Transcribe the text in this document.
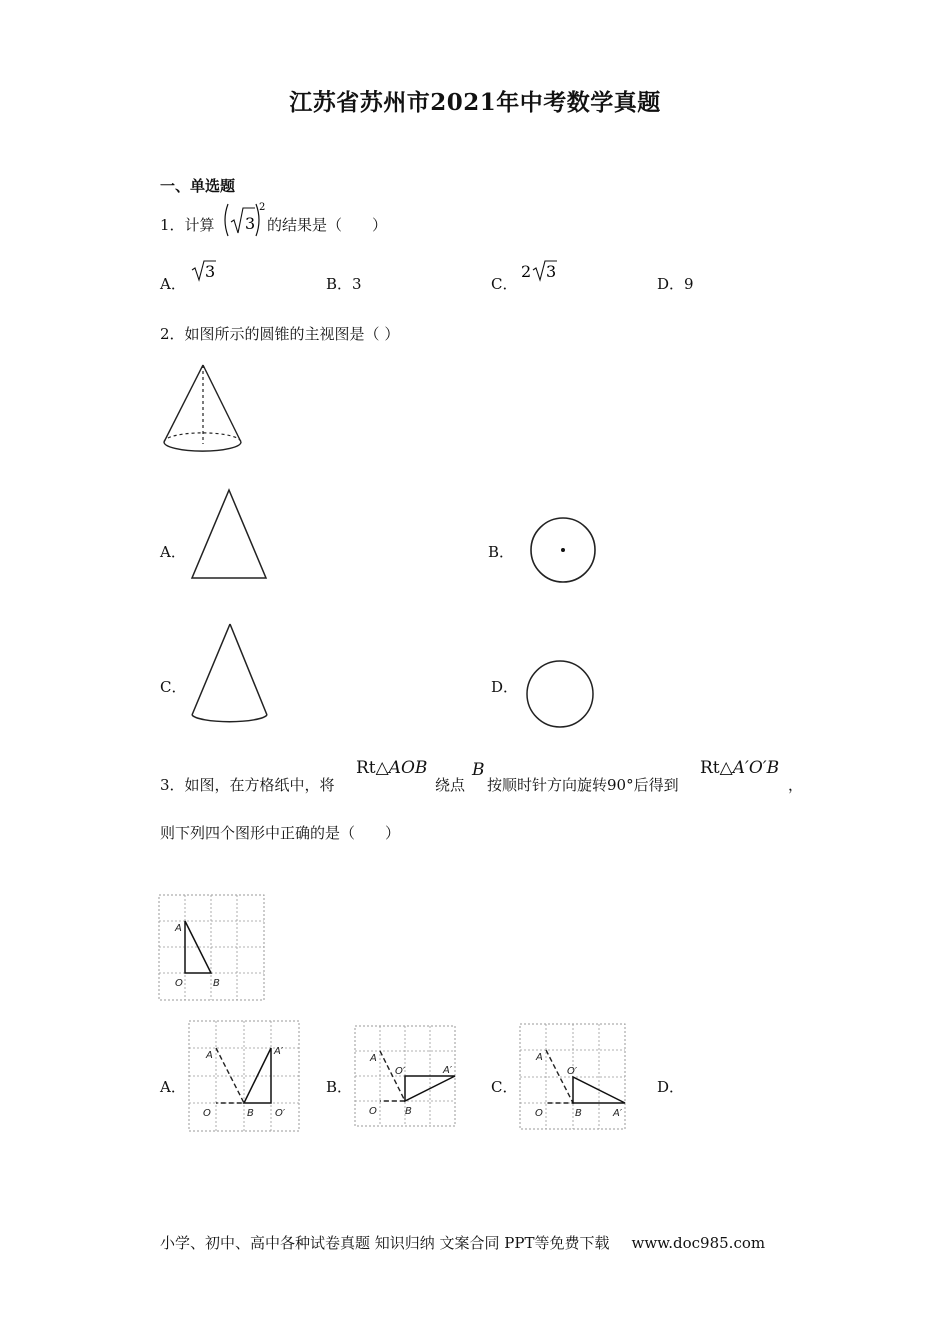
江苏省苏州市2021年中考数学真题
一、单选题
1．计算 3
2
的结果是（　　）
A．
3
B．3	C．
2 3
D．9
2．如图所示的圆锥的主视图是（ ）
A．	B．
C．	D．
3．如图，在方格纸中，将
Rt△AOB
绕点
B
按顺时针方向旋转90°后得到
Rt△A′O′B
，
则下列四个图形中正确的是（　　）
A
O	B
A．
A
O	B
A′
O′
B．
A
O′
O	B
A′
C．
A
O′
O	B	A′
D．
小学、初中、高中各种试卷真题 知识归纳 文案合同 PPT等免费下载 www.doc985.com
